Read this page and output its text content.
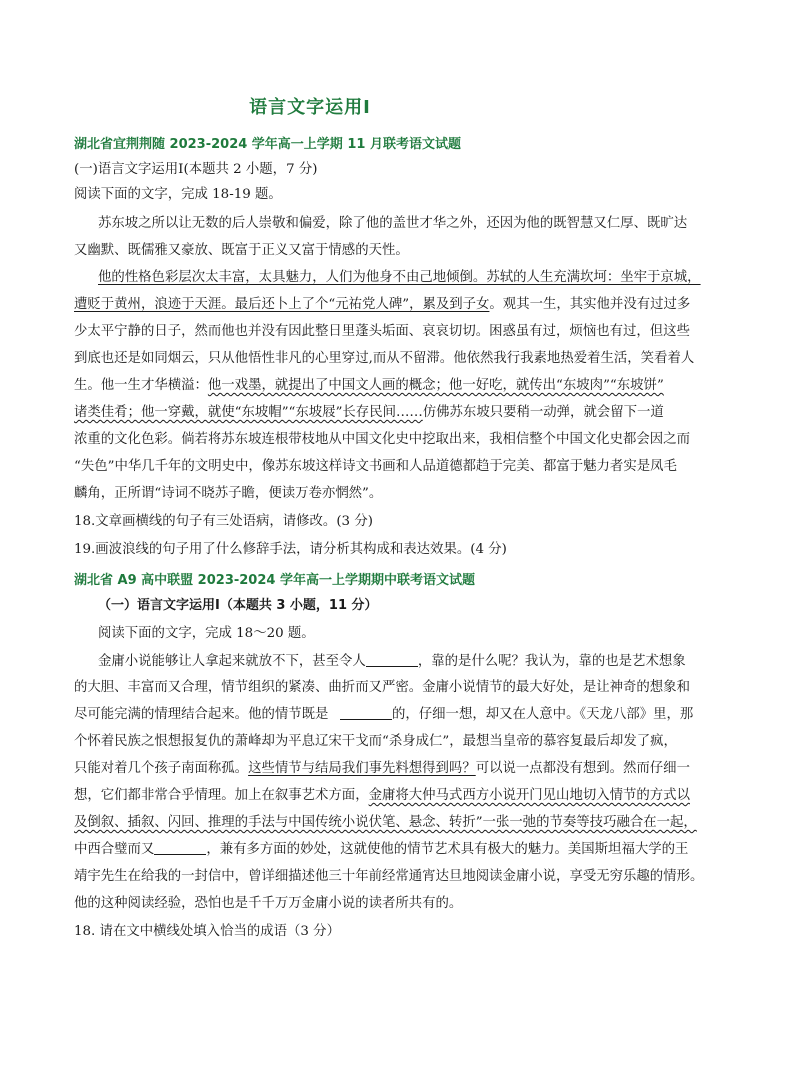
语言文字运用Ⅰ
湖北省宜荆荆随 2023-2024 学年高一上学期 11 月联考语文试题
(一)语言文字运用Ⅰ(本题共 2 小题，7 分)
阅读下面的文字，完成 18-19 题。
苏东坡之所以让无数的后人崇敬和偏爱，除了他的盖世才华之外，还因为他的既智慧又仁厚、既旷达
又幽默、既儒雅又豪放、既富于正义又富于情感的天性。
他的性格色彩层次太丰富，太具魅力，人们为他身不由己地倾倒。苏轼的人生充满坎坷：坐牢于京城，
遭贬于黄州，浪迹于天涯。最后还卜上了个“元祐党人碑”，累及到子女。观其一生，其实他并没有过过多
少太平宁静的日子，然而他也并没有因此整日里蓬头垢面、哀哀切切。困惑虽有过，烦恼也有过，但这些
到底也还是如同烟云，只从他悟性非凡的心里穿过,而从不留滞。他依然我行我素地热爱着生活，笑看着人
生。他一生才华横溢：他一戏墨，就提出了中国文人画的概念；他一好吃，就传出“东坡肉”“东坡饼”
诸类佳肴；他一穿戴，就使“东坡帽”“东坡屐”长存民间……仿佛苏东坡只要稍一动弹，就会留下一道
浓重的文化色彩。倘若将苏东坡连根带枝地从中国文化史中挖取出来，我相信整个中国文化史都会因之而
“失色”中华几千年的文明史中，像苏东坡这样诗文书画和人品道德都趋于完美、都富于魅力者实是凤毛
麟角，正所谓“诗词不晓苏子瞻，便读万卷亦惘然”。
18.文章画横线的句子有三处语病，请修改。(3 分)
19.画波浪线的句子用了什么修辞手法，请分析其构成和表达效果。(4 分)
湖北省 A9 高中联盟 2023-2024 学年高一上学期期中联考语文试题
（一）语言文字运用Ⅰ（本题共 3 小题，11 分）
阅读下面的文字，完成 18～20 题。
金庸小说能够让人拿起来就放不下，甚至令人	，靠的是什么呢？我认为，靠的也是艺术想象
的大胆、丰富而又合理，情节组织的紧凑、曲折而又严密。金庸小说情节的最大好处，是让神奇的想象和
尽可能完满的情理结合起来。他的情节既是	的，仔细一想，却又在人意中。《天龙八部》里，那
个怀着民族之恨想报复仇的萧峰却为平息辽宋干戈而“杀身成仁”，最想当皇帝的慕容复最后却发了疯，
只能对着几个孩子南面称孤。这些情节与结局我们事先料想得到吗？可以说一点都没有想到。然而仔细一
想，它们都非常合乎情理。加上在叙事艺术方面，金庸将大仲马式西方小说开门见山地切入情节的方式以
及倒叙、插叙、闪回、推理的手法与中国传统小说伏笔、悬念、转折”一张一弛的节奏等技巧融合在一起，
中西合璧而又	，兼有多方面的妙处，这就使他的情节艺术具有极大的魅力。美国斯坦福大学的王
靖宇先生在给我的一封信中，曾详细描述他三十年前经常通宵达旦地阅读金庸小说，享受无穷乐趣的情形。
他的这种阅读经验，恐怕也是千千万万金庸小说的读者所共有的。
18. 请在文中横线处填入恰当的成语（3 分）
